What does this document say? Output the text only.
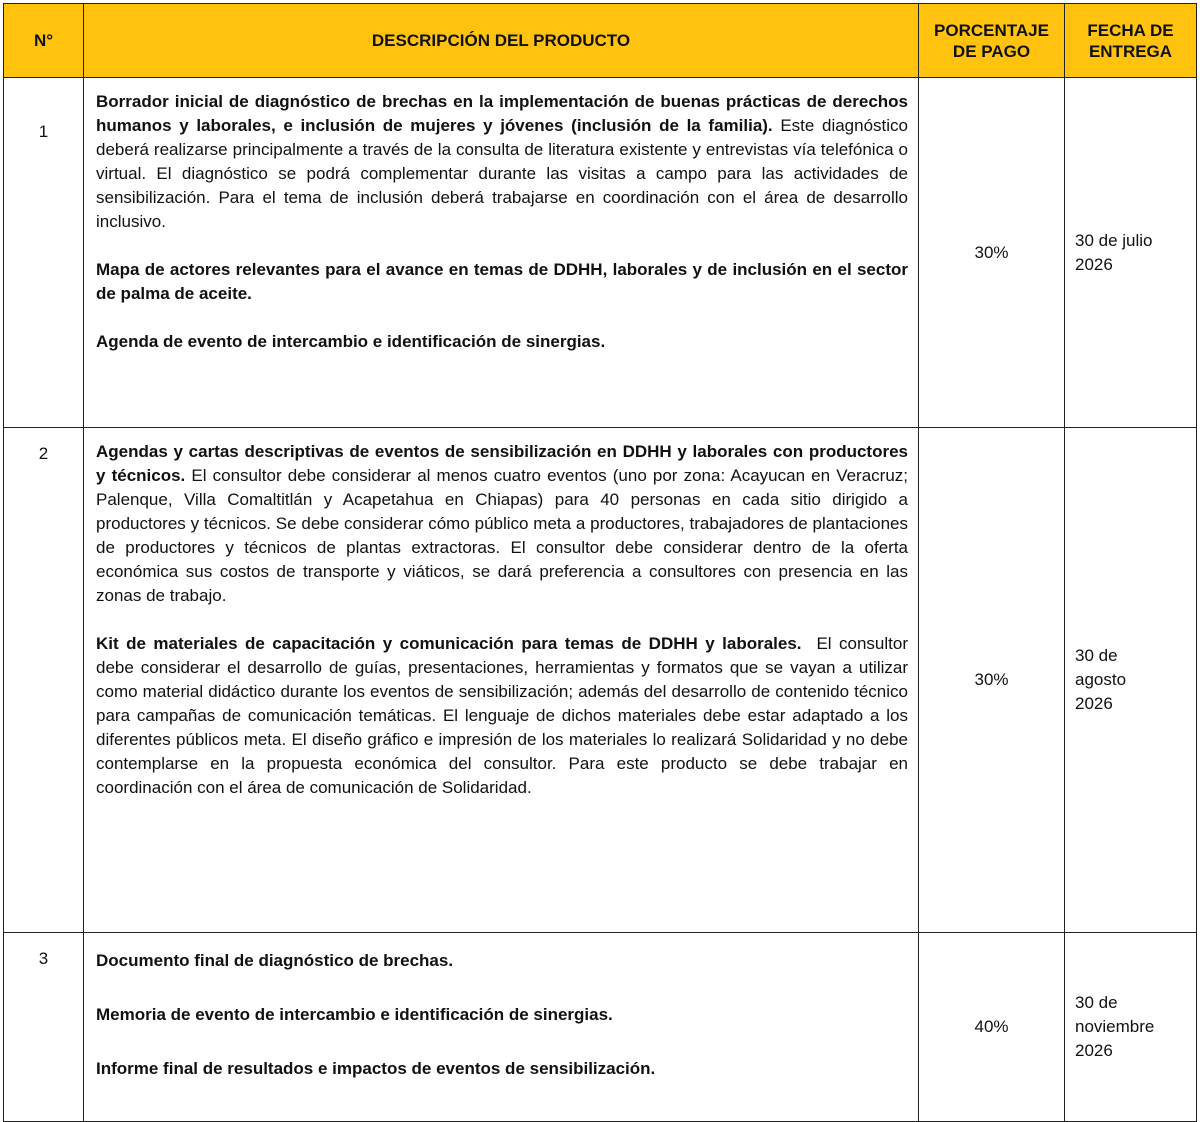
N°	DESCRIPCIÓN DEL PRODUCTO	PORCENTAJE DE PAGO	FECHA DE ENTREGA
1	Borrador inicial de diagnóstico de brechas en la implementación de buenas prácticas de derechos humanos y laborales, e inclusión de mujeres y jóvenes (inclusión de la familia). Este diagnóstico deberá realizarse principalmente a través de la consulta de literatura existente y entrevistas vía telefónica o virtual. El diagnóstico se podrá complementar durante las visitas a campo para las actividades de sensibilización. Para el tema de inclusión deberá trabajarse en coordinación con el área de desarrollo inclusivo.

Mapa de actores relevantes para el avance en temas de DDHH, laborales y de inclusión en el sector de palma de aceite.

Agenda de evento de intercambio e identificación de sinergias.	30%	30 de julio 2026
2	Agendas y cartas descriptivas de eventos de sensibilización en DDHH y laborales con productores y técnicos. El consultor debe considerar al menos cuatro eventos (uno por zona: Acayucan en Veracruz; Palenque, Villa Comaltitlán y Acapetahua en Chiapas) para 40 personas en cada sitio dirigido a productores y técnicos. Se debe considerar cómo público meta a productores, trabajadores de plantaciones de productores y técnicos de plantas extractoras. El consultor debe considerar dentro de la oferta económica sus costos de transporte y viáticos, se dará preferencia a consultores con presencia en las zonas de trabajo.

Kit de materiales de capacitación y comunicación para temas de DDHH y laborales.  El consultor debe considerar el desarrollo de guías, presentaciones, herramientas y formatos que se vayan a utilizar como material didáctico durante los eventos de sensibilización; además del desarrollo de contenido técnico para campañas de comunicación temáticas. El lenguaje de dichos materiales debe estar adaptado a los diferentes públicos meta. El diseño gráfico e impresión de los materiales lo realizará Solidaridad y no debe contemplarse en la propuesta económica del consultor. Para este producto se debe trabajar en coordinación con el área de comunicación de Solidaridad.	30%	30 de agosto 2026
3	Documento final de diagnóstico de brechas.

Memoria de evento de intercambio e identificación de sinergias.

Informe final de resultados e impactos de eventos de sensibilización.	40%	30 de noviembre 2026
